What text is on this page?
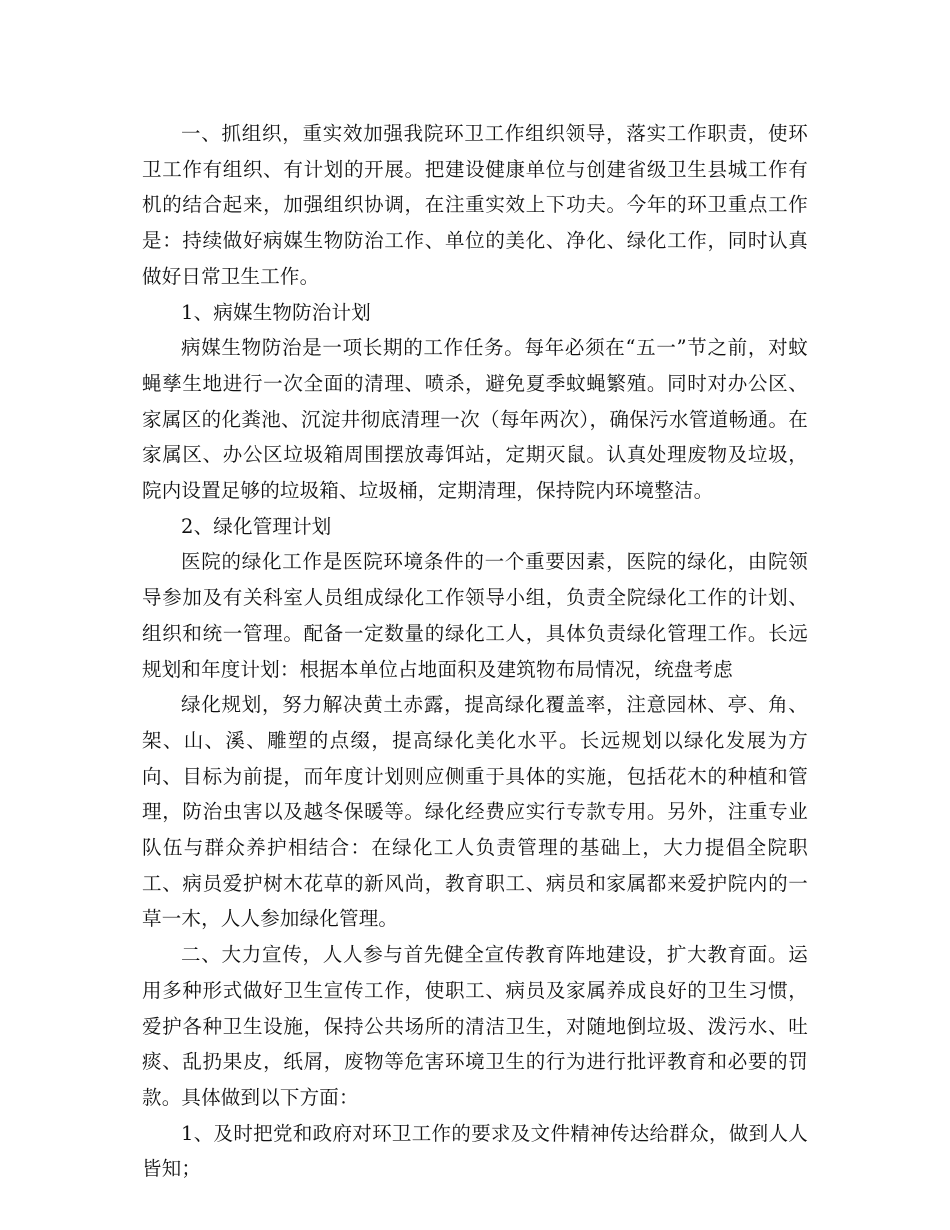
一、抓组织，重实效加强我院环卫工作组织领导，落实工作职责，使环卫工作有组织、有计划的开展。把建设健康单位与创建省级卫生县城工作有机的结合起来，加强组织协调，在注重实效上下功夫。今年的环卫重点工作是：持续做好病媒生物防治工作、单位的美化、净化、绿化工作，同时认真做好日常卫生工作。

1、病媒生物防治计划

病媒生物防治是一项长期的工作任务。每年必须在“五一”节之前，对蚊蝇孳生地进行一次全面的清理、喷杀，避免夏季蚊蝇繁殖。同时对办公区、家属区的化粪池、沉淀井彻底清理一次（每年两次），确保污水管道畅通。在家属区、办公区垃圾箱周围摆放毒饵站，定期灭鼠。认真处理废物及垃圾，院内设置足够的垃圾箱、垃圾桶，定期清理，保持院内环境整洁。

2、绿化管理计划

医院的绿化工作是医院环境条件的一个重要因素，医院的绿化，由院领导参加及有关科室人员组成绿化工作领导小组，负责全院绿化工作的计划、组织和统一管理。配备一定数量的绿化工人，具体负责绿化管理工作。长远规划和年度计划：根据本单位占地面积及建筑物布局情况，统盘考虑

绿化规划，努力解决黄土赤露，提高绿化覆盖率，注意园林、亭、角、架、山、溪、雕塑的点缀，提高绿化美化水平。长远规划以绿化发展为方向、目标为前提，而年度计划则应侧重于具体的实施，包括花木的种植和管理，防治虫害以及越冬保暖等。绿化经费应实行专款专用。另外，注重专业队伍与群众养护相结合：在绿化工人负责管理的基础上，大力提倡全院职工、病员爱护树木花草的新风尚，教育职工、病员和家属都来爱护院内的一草一木，人人参加绿化管理。

二、大力宣传，人人参与首先健全宣传教育阵地建设，扩大教育面。运用多种形式做好卫生宣传工作，使职工、病员及家属养成良好的卫生习惯，爱护各种卫生设施，保持公共场所的清洁卫生，对随地倒垃圾、泼污水、吐痰、乱扔果皮，纸屑，废物等危害环境卫生的行为进行批评教育和必要的罚款。具体做到以下方面：

1、及时把党和政府对环卫工作的要求及文件精神传达给群众，做到人人皆知；
